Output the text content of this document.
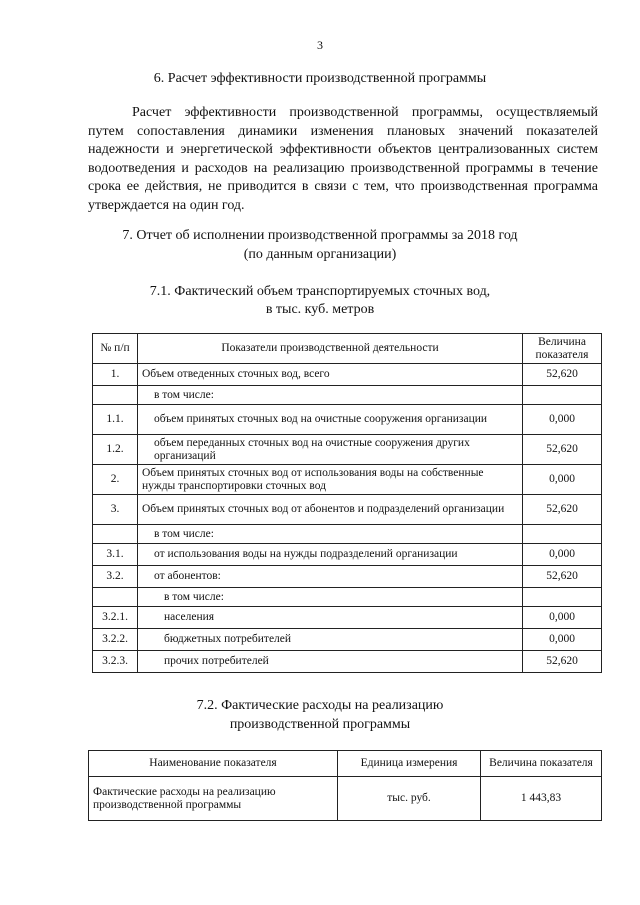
3
6. Расчет эффективности производственной программы
Расчет эффективности производственной программы, осуществляемый путем сопоставления динамики изменения плановых значений показателей надежности и энергетической эффективности объектов централизованных систем водоотведения и расходов на реализацию производственной программы в течение срока ее действия, не приводится в связи с тем, что производственная программа утверждается на один год.
7. Отчет об исполнении производственной программы за 2018 год
(по данным организации)
7.1. Фактический объем транспортируемых сточных вод,
в тыс. куб. метров
№ п/п	Показатели производственной деятельности	Величина показателя
1.	Объем отведенных сточных вод, всего	52,620
	в том числе:	
1.1.	объем принятых сточных вод на очистные сооружения организации	0,000
1.2.	объем переданных сточных вод на очистные сооружения других организаций	52,620
2.	Объем принятых сточных вод от использования воды на собственные нужды транспортировки сточных вод	0,000
3.	Объем принятых сточных вод от абонентов и подразделений организации	52,620
	в том числе:	
3.1.	от использования воды на нужды подразделений организации	0,000
3.2.	от абонентов:	52,620
	в том числе:	
3.2.1.	населения	0,000
3.2.2.	бюджетных потребителей	0,000
3.2.3.	прочих потребителей	52,620
7.2. Фактические расходы на реализацию
производственной программы
Наименование показателя	Единица измерения	Величина показателя
Фактические расходы на реализацию производственной программы	тыс. руб.	1 443,83
